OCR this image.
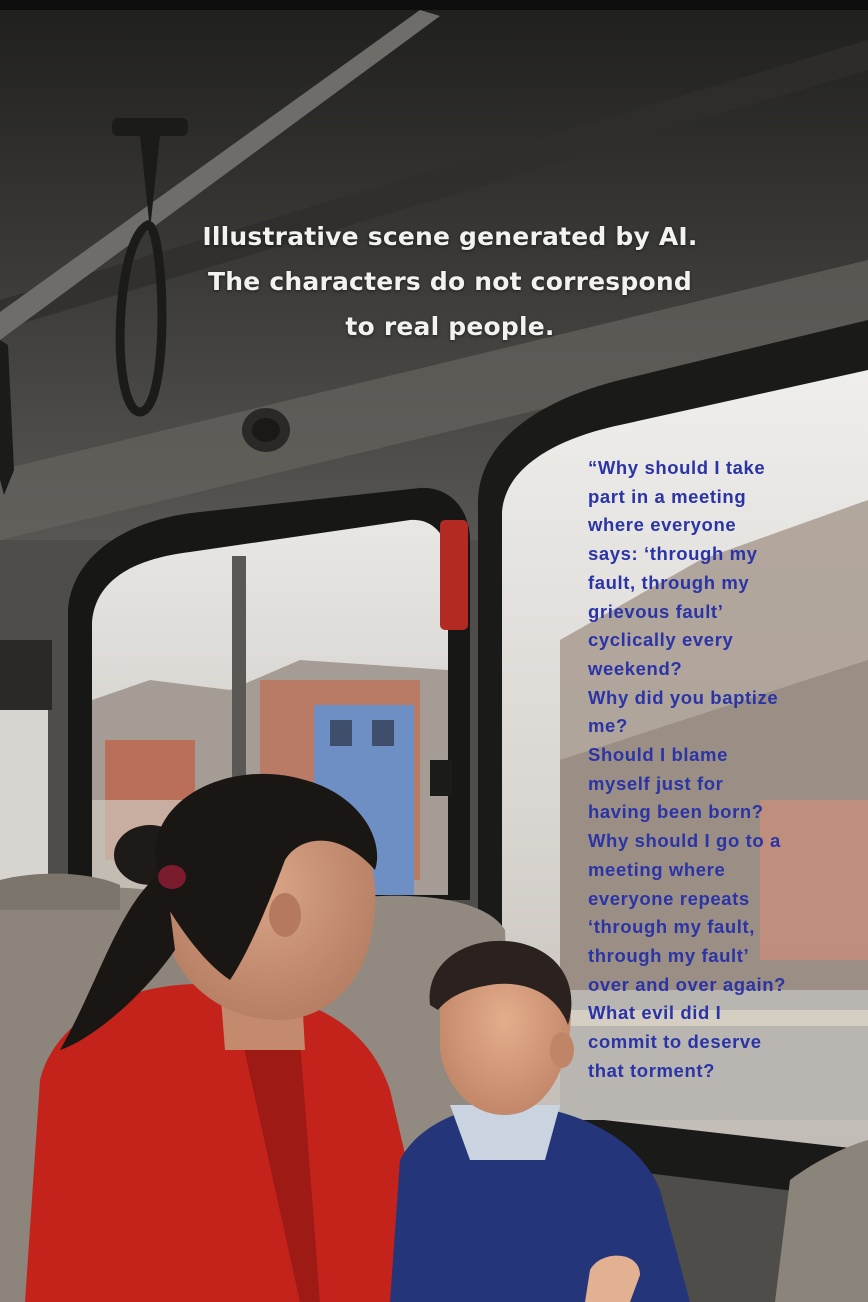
Illustrative scene generated by AI.
The characters do not correspond
to real people.
“Why should I take
part in a meeting
where everyone
says: ‘through my
fault, through my
grievous fault’
cyclically every
weekend?
Why did you baptize
me?
Should I blame
myself just for
having been born?
Why should I go to a
meeting where
everyone repeats
‘through my fault,
through my fault’
over and over again?
What evil did I
commit to deserve
that torment?
